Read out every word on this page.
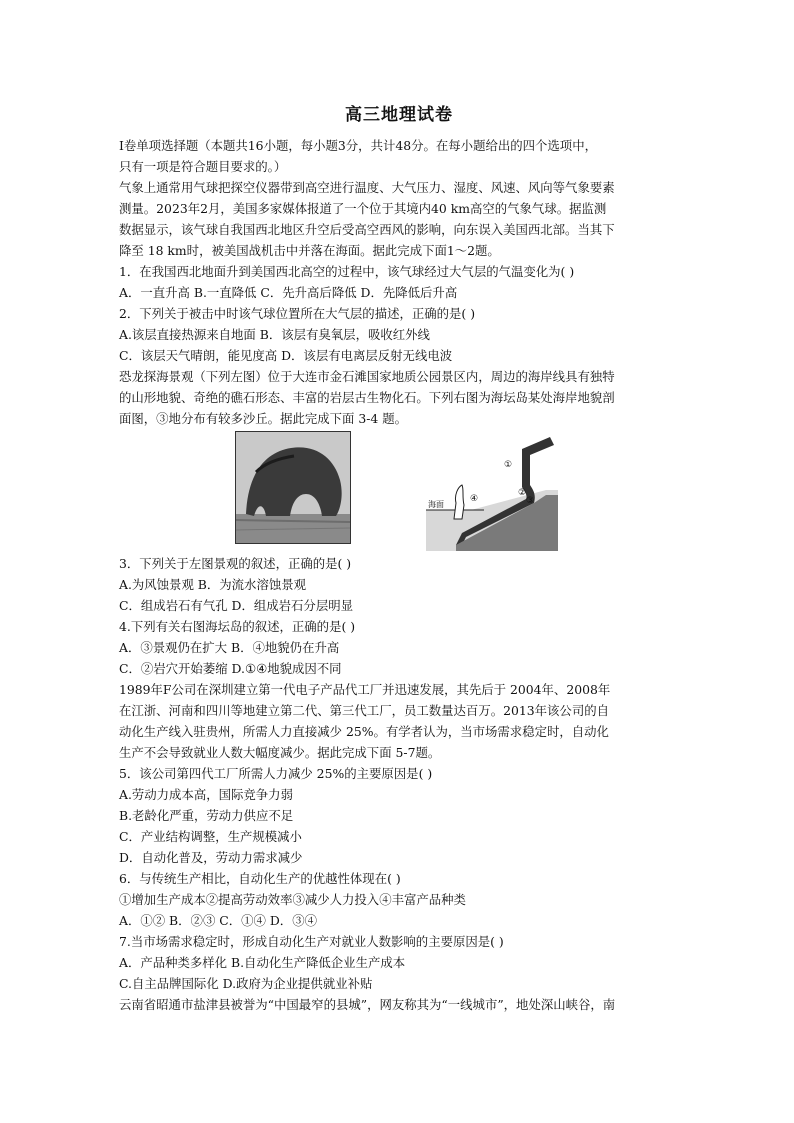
高三地理试卷

I卷单项选择题（本题共16小题，每小题3分，共计48分。在每小题给出的四个选项中，

只有一项是符合题目要求的。）

气象上通常用气球把探空仪器带到高空进行温度、大气压力、湿度、风速、风向等气象要素

测量。2023年2月，美国多家媒体报道了一个位于其境内40 km高空的气象气球。据监测

数据显示，该气球自我国西北地区升空后受高空西风的影响，向东误入美国西北部。当其下

降至 18 km时，被美国战机击中并落在海面。据此完成下面1～2题。

1．在我国西北地面升到美国西北高空的过程中，该气球经过大气层的气温变化为( )

A．一直升高 B.一直降低 C．先升高后降低 D．先降低后升高

2．下列关于被击中时该气球位置所在大气层的描述，正确的是( )

A.该层直接热源来自地面 B．该层有臭氧层，吸收红外线

C．该层天气晴朗，能见度高 D．该层有电离层反射无线电波

恐龙探海景观（下列左图）位于大连市金石滩国家地质公园景区内，周边的海岸线具有独特

的山形地貌、奇绝的礁石形态、丰富的岩层古生物化石。下列右图为海坛岛某处海岸地貌剖

面图，③地分布有较多沙丘。据此完成下面 3-4 题。

海面
①
②
③
④

3．下列关于左图景观的叙述，正确的是( )

A.为风蚀景观 B．为流水溶蚀景观

C．组成岩石有气孔 D．组成岩石分层明显

4.下列有关右图海坛岛的叙述，正确的是( )

A．③景观仍在扩大 B．④地貌仍在升高

C．②岩穴开始萎缩 D.①④地貌成因不同

1989年F公司在深圳建立第一代电子产品代工厂并迅速发展，其先后于 2004年、2008年

在江浙、河南和四川等地建立第二代、第三代工厂，员工数量达百万。2013年该公司的自

动化生产线入驻贵州，所需人力直接减少 25%。有学者认为，当市场需求稳定时，自动化

生产不会导致就业人数大幅度减少。据此完成下面 5-7题。

5．该公司第四代工厂所需人力减少 25%的主要原因是( )

A.劳动力成本高，国际竞争力弱

B.老龄化严重，劳动力供应不足

C．产业结构调整，生产规模减小

D．自动化普及，劳动力需求减少

6．与传统生产相比，自动化生产的优越性体现在( )

①增加生产成本②提高劳动效率③减少人力投入④丰富产品种类

A．①② B．②③ C．①④ D．③④

7.当市场需求稳定时，形成自动化生产对就业人数影响的主要原因是( )

A．产品种类多样化 B.自动化生产降低企业生产成本

C.自主品牌国际化 D.政府为企业提供就业补贴

云南省昭通市盐津县被誉为“中国最窄的县城”，网友称其为“一线城市”，地处深山峡谷，南
